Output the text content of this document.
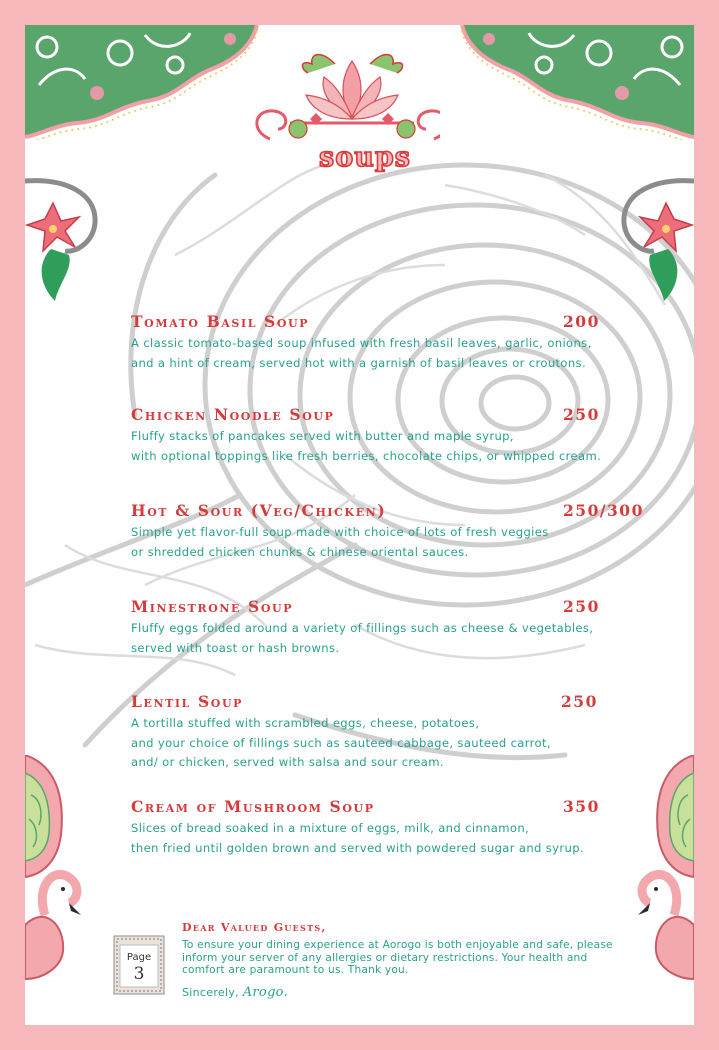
soups
Tomato Basil Soup	200
A classic tomato-based soup infused with fresh basil leaves, garlic, onions,
and a hint of cream, served hot with a garnish of basil leaves or croutons.
Chicken Noodle Soup	250
Fluffy stacks of pancakes served with butter and maple syrup,
with optional toppings like fresh berries, chocolate chips, or whipped cream.
Hot & Sour (Veg/Chicken)	250/300
Simple yet flavor-full soup made with choice of lots of fresh veggies
or shredded chicken chunks & chinese oriental sauces.
Minestrone Soup	250
Fluffy eggs folded around a variety of fillings such as cheese & vegetables,
served with toast or hash browns.
Lentil Soup	250
A tortilla stuffed with scrambled eggs, cheese, potatoes,
and your choice of fillings such as sauteed cabbage, sauteed carrot,
and/ or chicken, served with salsa and sour cream.
Cream of Mushroom Soup	350
Slices of bread soaked in a mixture of eggs, milk, and cinnamon,
then fried until golden brown and served with powdered sugar and syrup.
Page
3
Dear Valued Guests,
To ensure your dining experience at Aorogo is both enjoyable and safe, please inform your server of any allergies or dietary restrictions. Your health and comfort are paramount to us. Thank you.
Sincerely, Arogo.
